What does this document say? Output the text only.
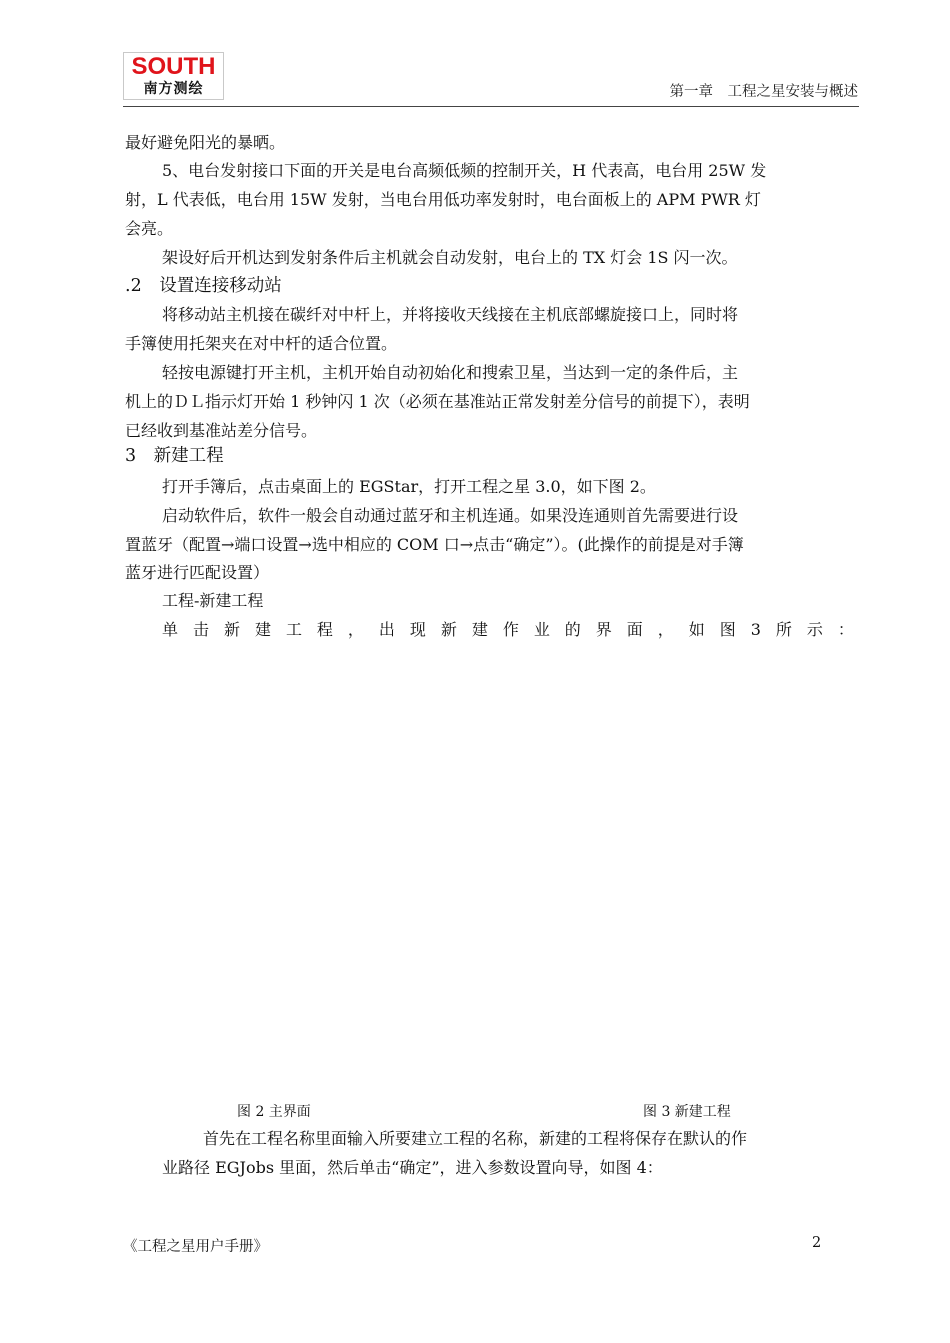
SOUTH
南方测绘	第一章　工程之星安装与概述
最好避免阳光的暴晒。
5、电台发射接口下面的开关是电台高频低频的控制开关，H 代表高，电台用 25W 发
射，L 代表低，电台用 15W 发射，当电台用低功率发射时，电台面板上的 APM PWR 灯
会亮。
架设好后开机达到发射条件后主机就会自动发射，电台上的 TX 灯会 1S 闪一次。
.2　设置连接移动站
将移动站主机接在碳纤对中杆上，并将接收天线接在主机底部螺旋接口上，同时将
手簿使用托架夹在对中杆的适合位置。
轻按电源键打开主机，主机开始自动初始化和搜索卫星，当达到一定的条件后，主
机上的ＤＬ指示灯开始 1 秒钟闪 1 次（必须在基准站正常发射差分信号的前提下），表明
已经收到基准站差分信号。
3　新建工程
打开手簿后，点击桌面上的 EGStar，打开工程之星 3.0，如下图 2。
启动软件后，软件一般会自动通过蓝牙和主机连通。如果没连通则首先需要进行设
置蓝牙（配置→端口设置→选中相应的 COM 口→点击“确定”）。(此操作的前提是对手簿
蓝牙进行匹配设置）
工程-新建工程
单 击 新 建 工 程 ， 出 现 新 建 作 业 的 界 面 ， 如 图 3 所 示 ：
图 2 主界面	图 3 新建工程
首先在工程名称里面输入所要建立工程的名称，新建的工程将保存在默认的作
业路径 EGJobs 里面，然后单击“确定”，进入参数设置向导，如图 4：
《工程之星用户手册》	2
